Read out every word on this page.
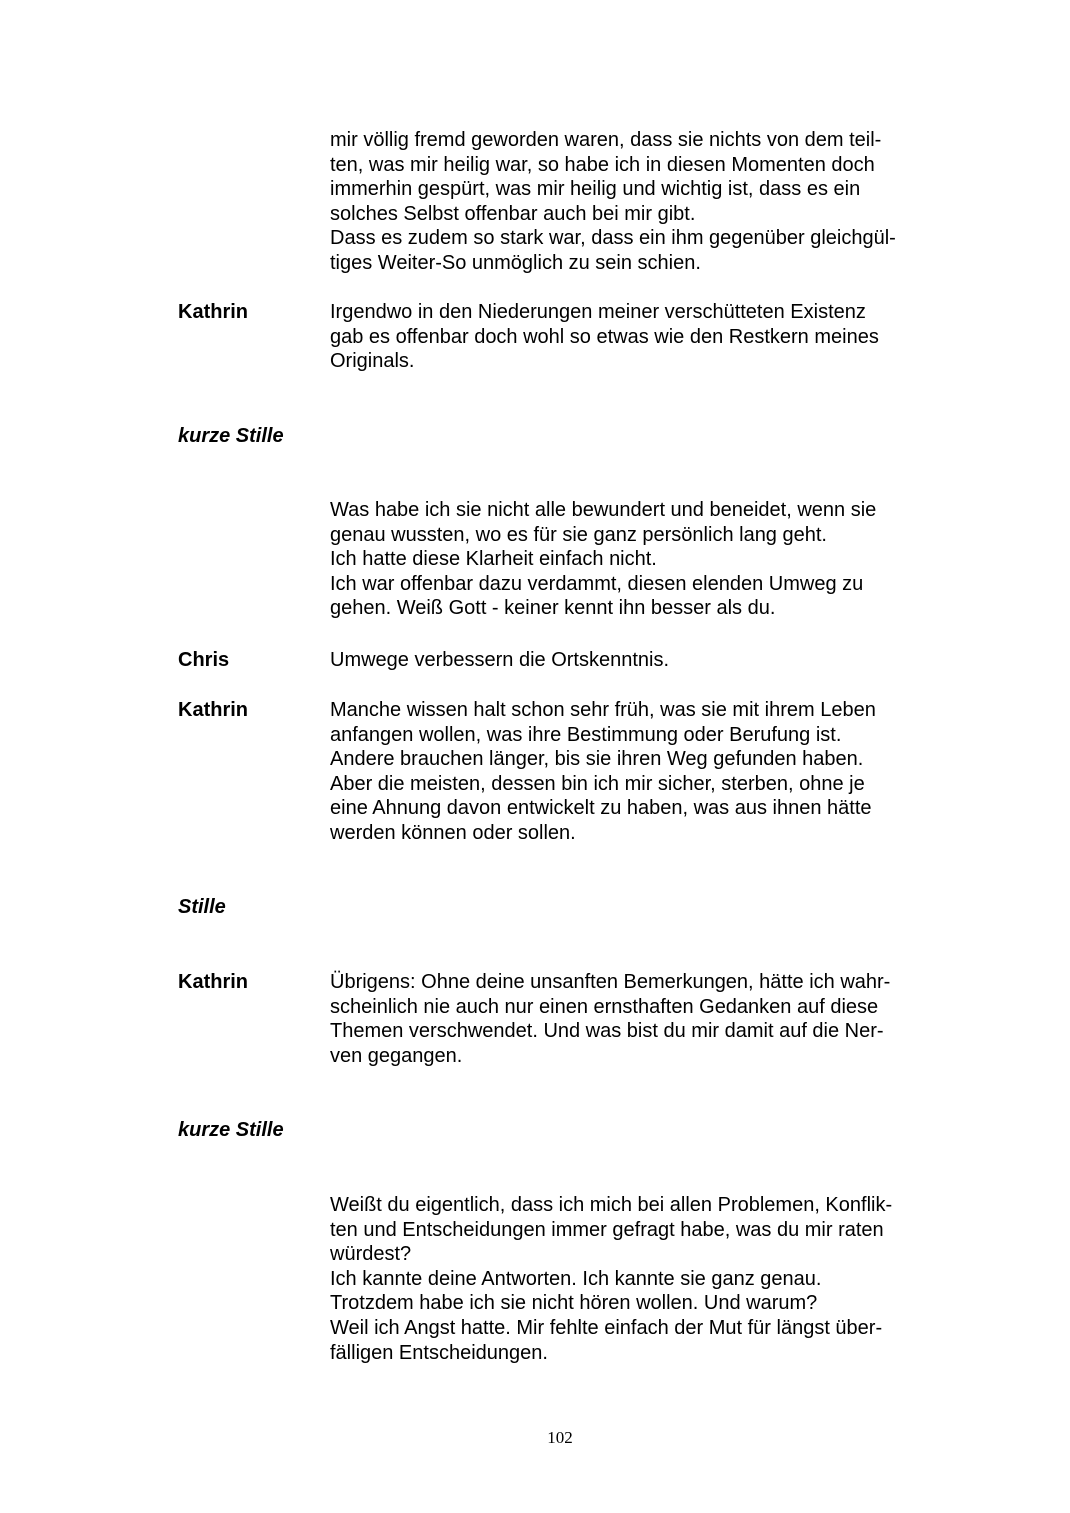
mir völlig fremd geworden waren, dass sie nichts von dem teil-
ten, was mir heilig war, so habe ich in diesen Momenten doch
immerhin gespürt, was mir heilig und wichtig ist, dass es ein
solches Selbst offenbar auch bei mir gibt.
Dass es zudem so stark war, dass ein ihm gegenüber gleichgül-
tiges Weiter-So unmöglich zu sein schien.
Kathrin	Irgendwo in den Niederungen meiner verschütteten Existenz
gab es offenbar doch wohl so etwas wie den Restkern meines
Originals.
kurze Stille
Was habe ich sie nicht alle bewundert und beneidet, wenn sie
genau wussten, wo es für sie ganz persönlich lang geht.
Ich hatte diese Klarheit einfach nicht.
Ich war offenbar dazu verdammt, diesen elenden Umweg zu
gehen. Weiß Gott - keiner kennt ihn besser als du.
Chris	Umwege verbessern die Ortskenntnis.
Kathrin	Manche wissen halt schon sehr früh, was sie mit ihrem Leben
anfangen wollen, was ihre Bestimmung oder Berufung ist.
Andere brauchen länger, bis sie ihren Weg gefunden haben.
Aber die meisten, dessen bin ich mir sicher, sterben, ohne je
eine Ahnung davon entwickelt zu haben, was aus ihnen hätte
werden können oder sollen.
Stille
Kathrin	Übrigens: Ohne deine unsanften Bemerkungen, hätte ich wahr-
scheinlich nie auch nur einen ernsthaften Gedanken auf diese
Themen verschwendet. Und was bist du mir damit auf die Ner-
ven gegangen.
kurze Stille
Weißt du eigentlich, dass ich mich bei allen Problemen, Konflik-
ten und Entscheidungen immer gefragt habe, was du mir raten
würdest?
Ich kannte deine Antworten. Ich kannte sie ganz genau.
Trotzdem habe ich sie nicht hören wollen. Und warum?
Weil ich Angst hatte. Mir fehlte einfach der Mut für längst über-
fälligen Entscheidungen.
102
